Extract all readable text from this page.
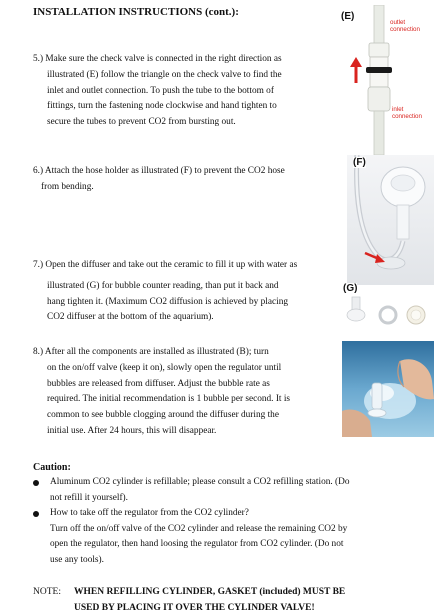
INSTALLATION INSTRUCTIONS (cont.):
5.) Make sure the check valve is connected in the right direction as
illustrated (E) follow the triangle on the check valve to find the
inlet and outlet connection. To push the tube to the bottom of
fittings, turn the fastening node clockwise and hand tighten to
secure the tubes to prevent CO2 from bursting out.
6.) Attach the hose holder as illustrated (F) to prevent the CO2 hose
from bending.
7.) Open the diffuser and take out the ceramic to fill it up with water as
illustrated (G) for bubble counter reading, than put it back and
hang tighten it. (Maximum CO2 diffusion is achieved by placing
CO2 diffuser at the bottom of the aquarium).
8.) After all the components are installed as illustrated (B); turn
on the on/off valve (keep it on), slowly open the regulator until
bubbles are released from diffuser. Adjust the bubble rate as
required. The initial recommendation is 1 bubble per second. It is
common to see bubble clogging around the diffuser during the
initial use. After 24 hours, this will disappear.
(E)
outlet
connection
inlet
connection
(F)
(G)
Caution:
Aluminum CO2 cylinder is refillable; please consult a CO2 refilling station. (Do
not refill it yourself).
How to take off the regulator from the CO2 cylinder?
Turn off the on/off valve of the CO2 cylinder and release the remaining CO2 by
open the regulator, then hand loosing the regulator from CO2 cylinder. (Do not
use any tools).
NOTE: WHEN REFILLING CYLINDER, GASKET (included) MUST BE
USED BY PLACING IT OVER THE CYLINDER VALVE!
